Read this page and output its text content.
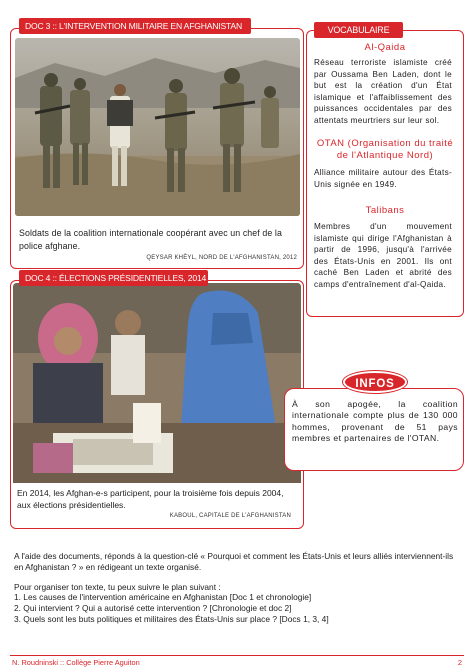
Soldats de la coalition internationale coopérant avec un chef de la police afghane.
QEYSAR KHÈYL, NORD DE L'AFGHANISTAN, 2012
DOC 3 :: L'INTERVENTION MILITAIRE EN AFGHANISTAN
En 2014, les Afghan-e-s participent, pour la troisième fois depuis 2004, aux élections présidentielles.
KABOUL, CAPITALE DE L'AFGHANISTAN
DOC 4 :: ÉLECTIONS PRÉSIDENTIELLES, 2014
VOCABULAIRE
Al-Qaida
Réseau terroriste islamiste créé par Oussama Ben Laden, dont le but est la création d'un État islamique et l'affaiblissement des puissances occidentales par des attentats meurtriers sur leur sol.
OTAN (Organisation du traité de l'Atlantique Nord)
Alliance militaire autour des États-Unis signée en 1949.
Talibans
Membres d'un mouvement islamiste qui dirige l'Afghanistan à partir de 1996, jusqu'à l'arrivée des États-Unis en 2001. Ils ont caché Ben Laden et abrité des camps d'entraînement d'al-Qaida.
INFOS
À son apogée, la coalition internationale compte plus de 130 000 hommes, provenant de 51 pays membres et partenaires de l'OTAN.

A l'aide des documents, réponds à la question-clé « Pourquoi et comment les États-Unis et leurs alliés interviennent-ils en Afghanistan ? » en rédigeant un texte organisé.

Pour organiser ton texte, tu peux suivre le plan suivant :

1. Les causes de l'intervention américaine en Afghanistan [Doc 1 et chronologie]

2. Qui intervient ? Qui a autorisé cette intervention ? [Chronologie et doc 2]

3. Quels sont les buts politiques et militaires des États-Unis sur place ? [Docs 1, 3, 4]

N. Roudninski :: Collège Pierre Aguiton	2
